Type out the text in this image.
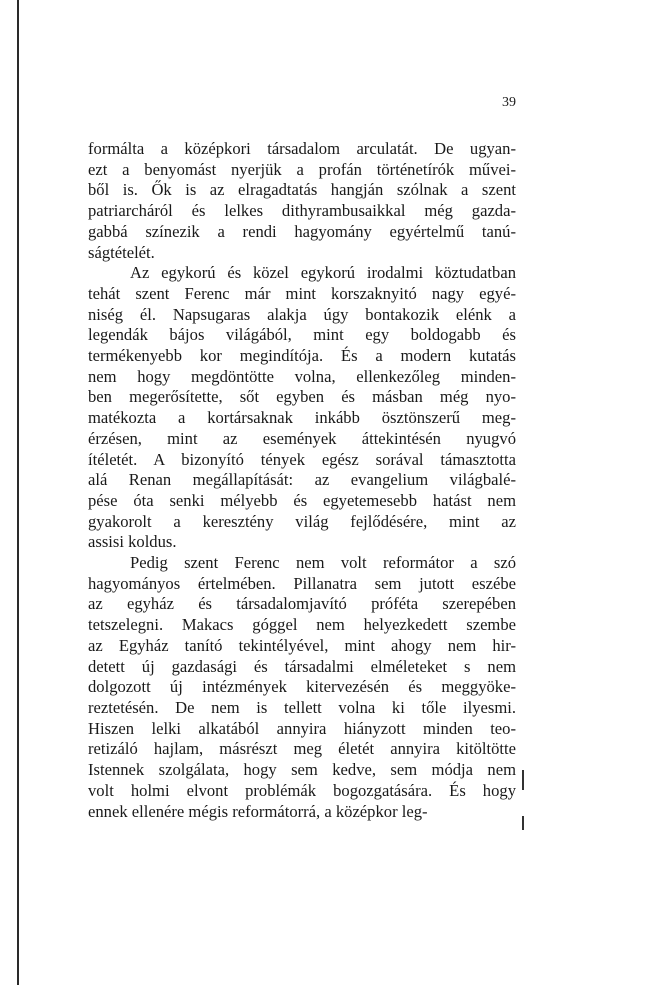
39

formálta a középkori társadalom arculatát. De ugyan-
ezt a benyomást nyerjük a profán történetírók művei-
ből is. Ők is az elragadtatás hangján szólnak a szent
patriarcháról és lelkes dithyrambusaikkal még gazda-
gabbá színezik a rendi hagyomány egyértelmű tanú-
ságtételét.

Az egykorú és közel egykorú irodalmi köztudatban
tehát szent Ferenc már mint korszaknyitó nagy egyé-
niség él. Napsugaras alakja úgy bontakozik elénk a
legendák bájos világából, mint egy boldogabb és
termékenyebb kor megindítója. És a modern kutatás
nem hogy megdöntötte volna, ellenkezőleg minden-
ben megerősítette, sőt egyben és másban még nyo-
matékozta a kortársaknak inkább ösztönszerű meg-
érzésen, mint az események áttekintésén nyugvó
ítéletét. A bizonyító tények egész sorával támasztotta
alá Renan megállapítását: az evangelium világbalé-
pése óta senki mélyebb és egyetemesebb hatást nem
gyakorolt a keresztény világ fejlődésére, mint az
assisi koldus.

Pedig szent Ferenc nem volt reformátor a szó
hagyományos értelmében. Pillanatra sem jutott eszébe
az egyház és társadalomjavító próféta szerepében
tetszelegni. Makacs góggel nem helyezkedett szembe
az Egyház tanító tekintélyével, mint ahogy nem hir-
detett új gazdasági és társadalmi elméleteket s nem
dolgozott új intézmények kitervezésén és meggyöke-
reztetésén. De nem is tellett volna ki tőle ilyesmi.
Hiszen lelki alkatából annyira hiányzott minden teo-
retizáló hajlam, másrészt meg életét annyira kitöltötte
Istennek szolgálata, hogy sem kedve, sem módja nem
volt holmi elvont problémák bogozgatására. És hogy
ennek ellenére mégis reformátorrá, a középkor leg-
